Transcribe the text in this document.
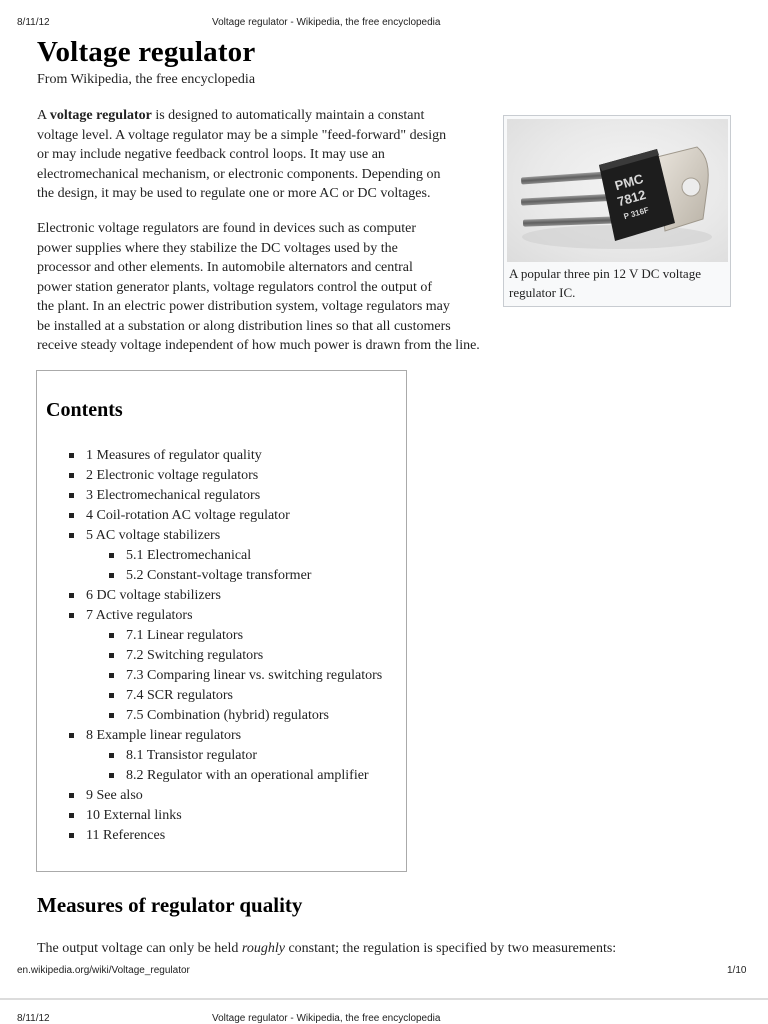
8/11/12	Voltage regulator - Wikipedia, the free encyclopedia
Voltage regulator
From Wikipedia, the free encyclopedia

A voltage regulator is designed to automatically maintain a constant
voltage level. A voltage regulator may be a simple "feed-forward" design
or may include negative feedback control loops. It may use an
electromechanical mechanism, or electronic components. Depending on
the design, it may be used to regulate one or more AC or DC voltages.

Electronic voltage regulators are found in devices such as computer
power supplies where they stabilize the DC voltages used by the
processor and other elements. In automobile alternators and central
power station generator plants, voltage regulators control the output of
the plant. In an electric power distribution system, voltage regulators may
be installed at a substation or along distribution lines so that all customers
receive steady voltage independent of how much power is drawn from the line.

PMC
7812
P 316F
A popular three pin 12 V DC voltage regulator IC.
Contents
1 Measures of regulator quality
2 Electronic voltage regulators
3 Electromechanical regulators
4 Coil-rotation AC voltage regulator
5 AC voltage stabilizers
5.1 Electromechanical
5.2 Constant-voltage transformer
6 DC voltage stabilizers
7 Active regulators
7.1 Linear regulators
7.2 Switching regulators
7.3 Comparing linear vs. switching regulators
7.4 SCR regulators
7.5 Combination (hybrid) regulators
8 Example linear regulators
8.1 Transistor regulator
8.2 Regulator with an operational amplifier
9 See also
10 External links
11 References
Measures of regulator quality
The output voltage can only be held roughly constant; the regulation is specified by two measurements:
en.wikipedia.org/wiki/Voltage_regulator	1/10
8/11/12	Voltage regulator - Wikipedia, the free encyclopedia
